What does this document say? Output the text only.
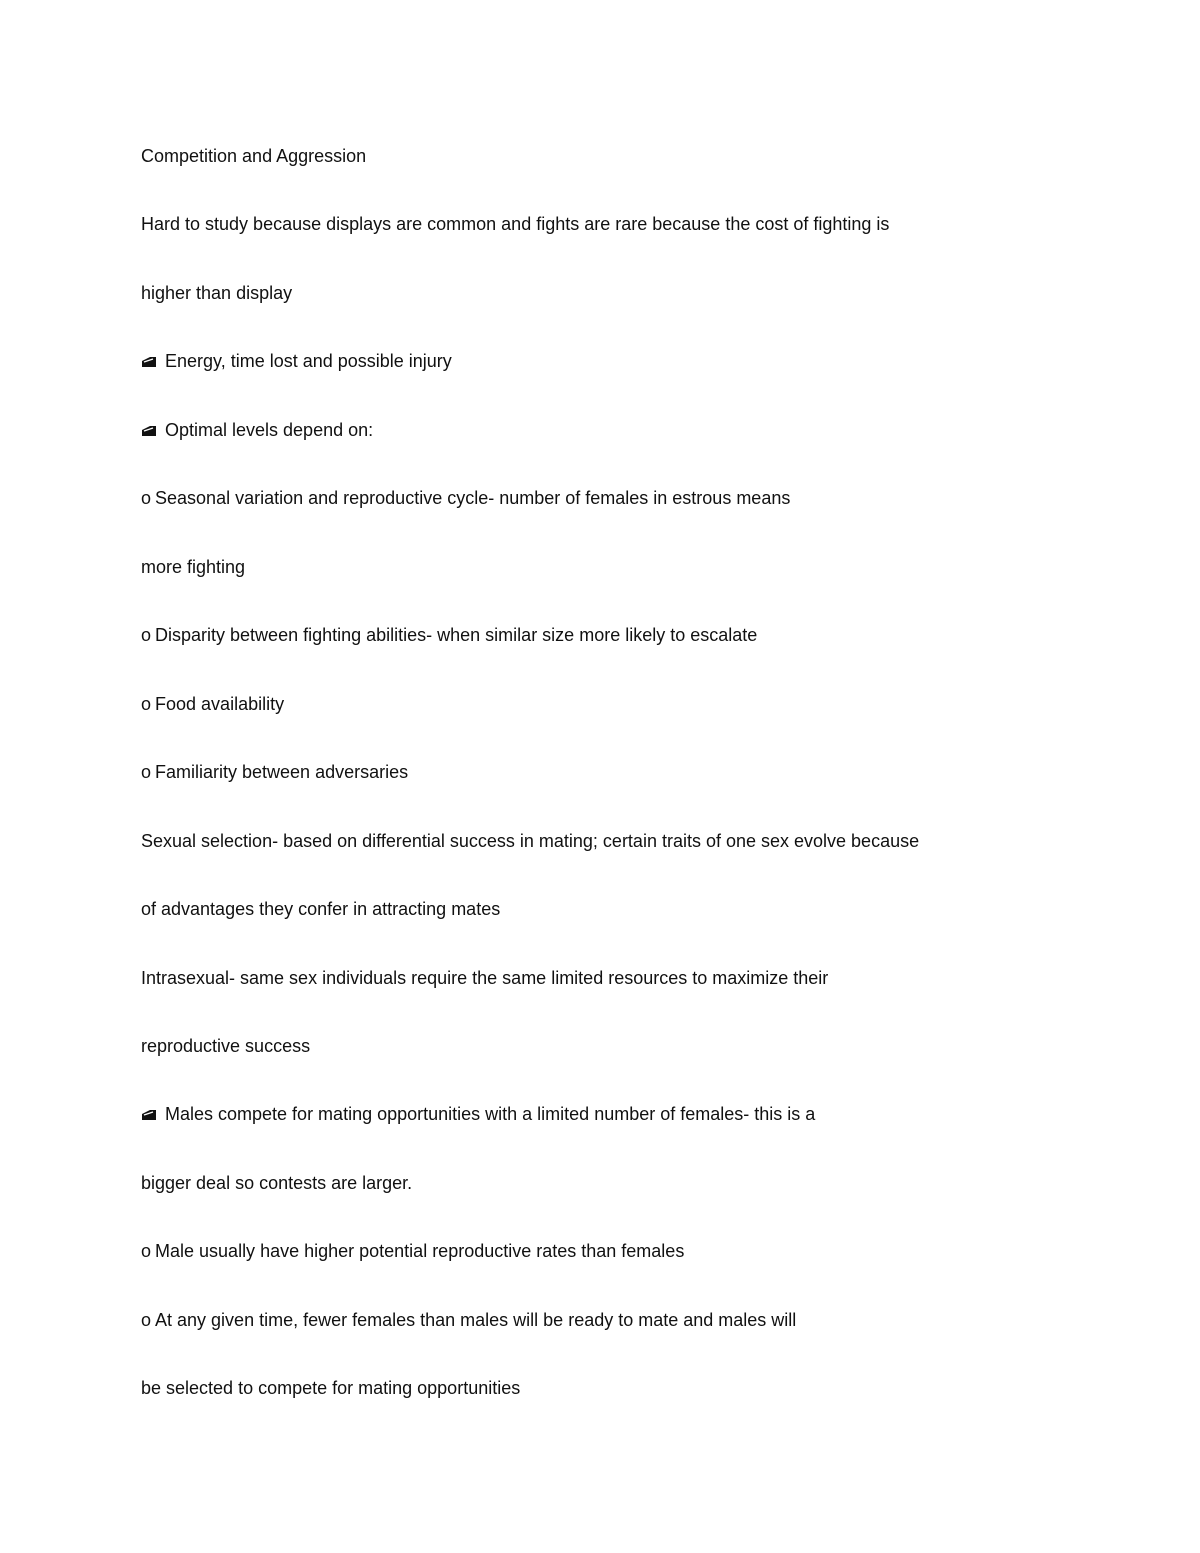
Competition and Aggression
Hard to study because displays are common and fights are rare because the cost of fighting is
higher than display
Energy, time lost and possible injury
Optimal levels depend on:
o Seasonal variation and reproductive cycle- number of females in estrous means
more fighting
o Disparity between fighting abilities- when similar size more likely to escalate
o Food availability
o Familiarity between adversaries
Sexual selection- based on differential success in mating; certain traits of one sex evolve because
of advantages they confer in attracting mates
Intrasexual- same sex individuals require the same limited resources to maximize their
reproductive success
Males compete for mating opportunities with a limited number of females- this is a
bigger deal so contests are larger.
o Male usually have higher potential reproductive rates than females
o At any given time, fewer females than males will be ready to mate and males will
be selected to compete for mating opportunities
